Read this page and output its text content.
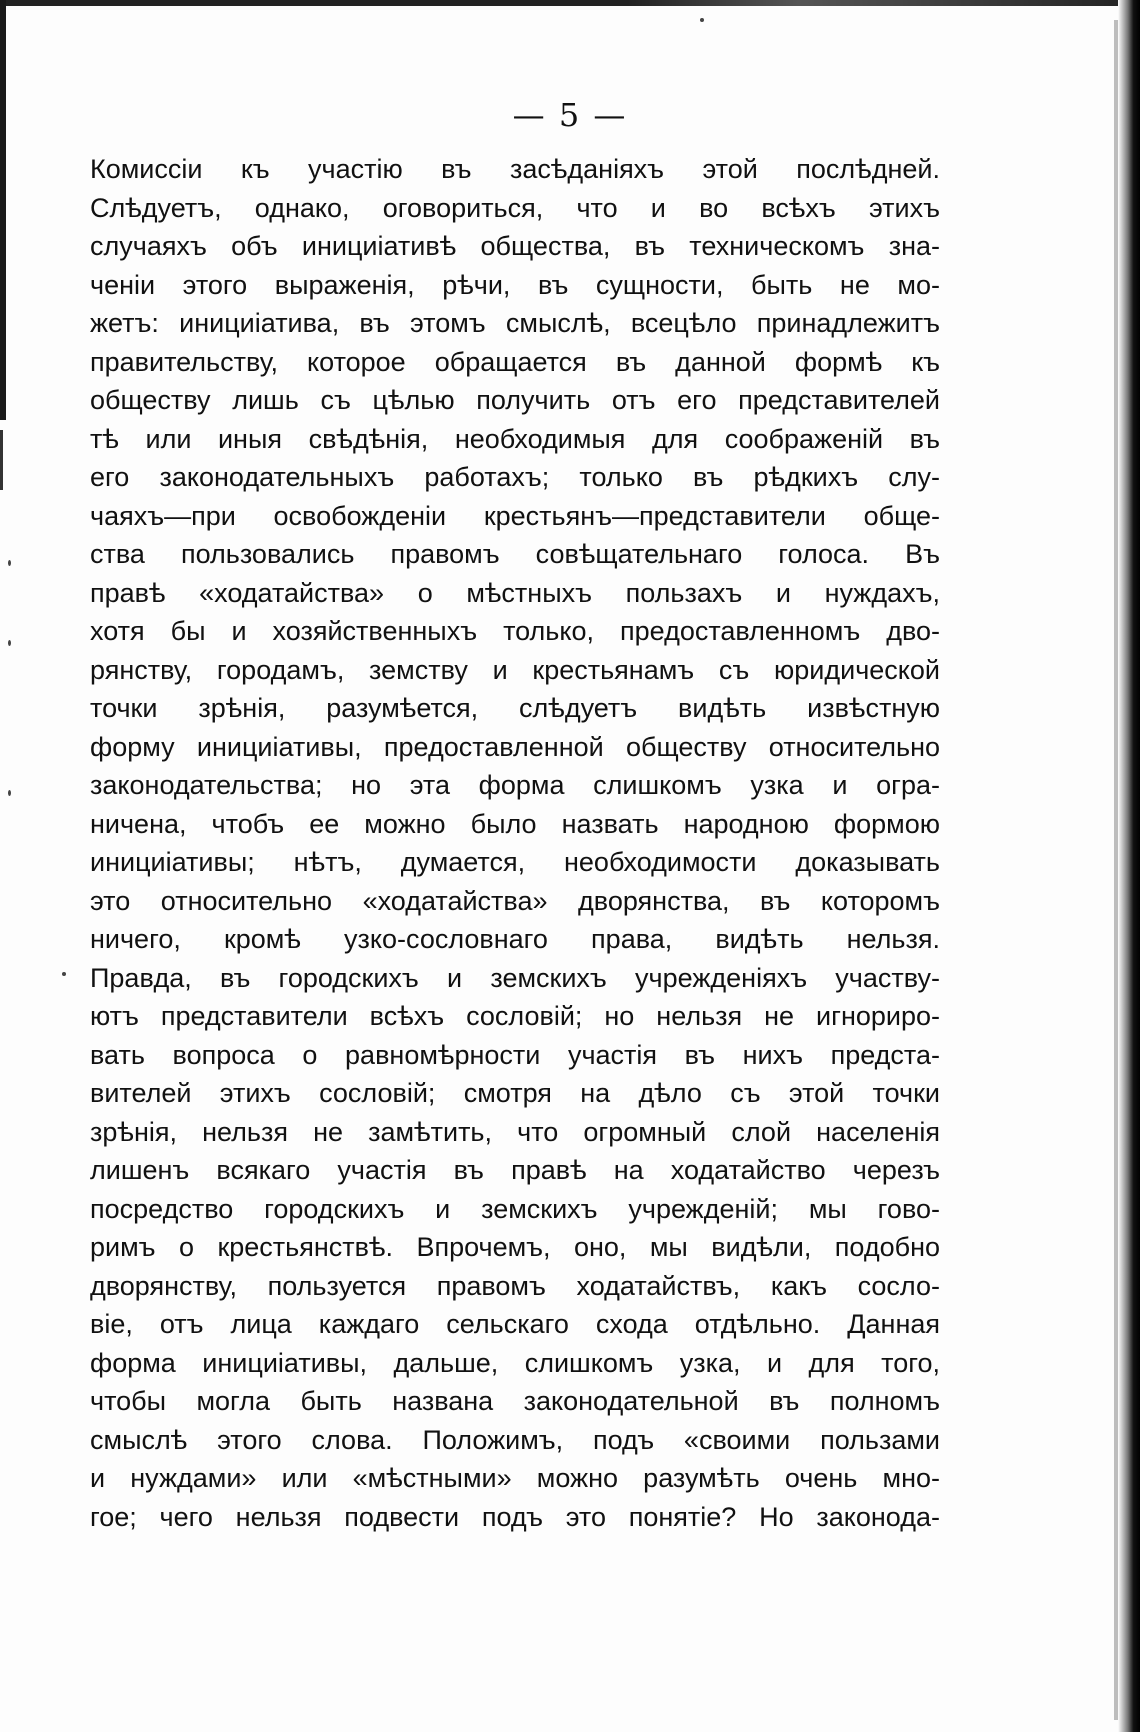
— 5 —
Комиссіи къ участію въ засѣданіяхъ этой послѣдней.
Слѣдуетъ, однако, оговориться, что и во всѣхъ этихъ
случаяхъ объ инициіативѣ общества, въ техническомъ зна-
ченіи этого выраженія, рѣчи, въ сущности, быть не мо-
жетъ: инициіатива, въ этомъ смыслѣ, всецѣло принадлежитъ
правительству, которое обращается въ данной формѣ къ
обществу лишь съ цѣлью получить отъ его представителей
тѣ или иныя свѣдѣнія, необходимыя для соображеній въ
его законодательныхъ работахъ; только въ рѣдкихъ слу-
чаяхъ—при освобожденіи крестьянъ—представители обще-
ства пользовались правомъ совѣщательнаго голоса. Въ
правѣ «ходатайства» о мѣстныхъ пользахъ и нуждахъ,
хотя бы и хозяйственныхъ только, предоставленномъ дво-
рянству, городамъ, земству и крестьянамъ съ юридической
точки зрѣнія, разумѣется, слѣдуетъ видѣть извѣстную
форму инициіативы, предоставленной обществу относительно
законодательства; но эта форма слишкомъ узка и огра-
ничена, чтобъ ее можно было назвать народною формою
инициіативы; нѣтъ, думается, необходимости доказывать
это относительно «ходатайства» дворянства, въ которомъ
ничего, кромѣ узко-сословнаго права, видѣть нельзя.
Правда, въ городскихъ и земскихъ учрежденіяхъ участву-
ютъ представители всѣхъ сословій; но нельзя не игнориро-
вать вопроса о равномѣрности участія въ нихъ предста-
вителей этихъ сословій; смотря на дѣло съ этой точки
зрѣнія, нельзя не замѣтить, что огромный слой населенія
лишенъ всякаго участія въ правѣ на ходатайство черезъ
посредство городскихъ и земскихъ учрежденій; мы гово-
римъ о крестьянствѣ. Впрочемъ, оно, мы видѣли, подобно
дворянству, пользуется правомъ ходатайствъ, какъ сосло-
віе, отъ лица каждаго сельскаго схода отдѣльно. Данная
форма инициіативы, дальше, слишкомъ узка, и для того,
чтобы могла быть названа законодательной въ полномъ
смыслѣ этого слова. Положимъ, подъ «своими пользами
и нуждами» или «мѣстными» можно разумѣть очень мно-
гое; чего нельзя подвести подъ это понятіе? Но законода-
